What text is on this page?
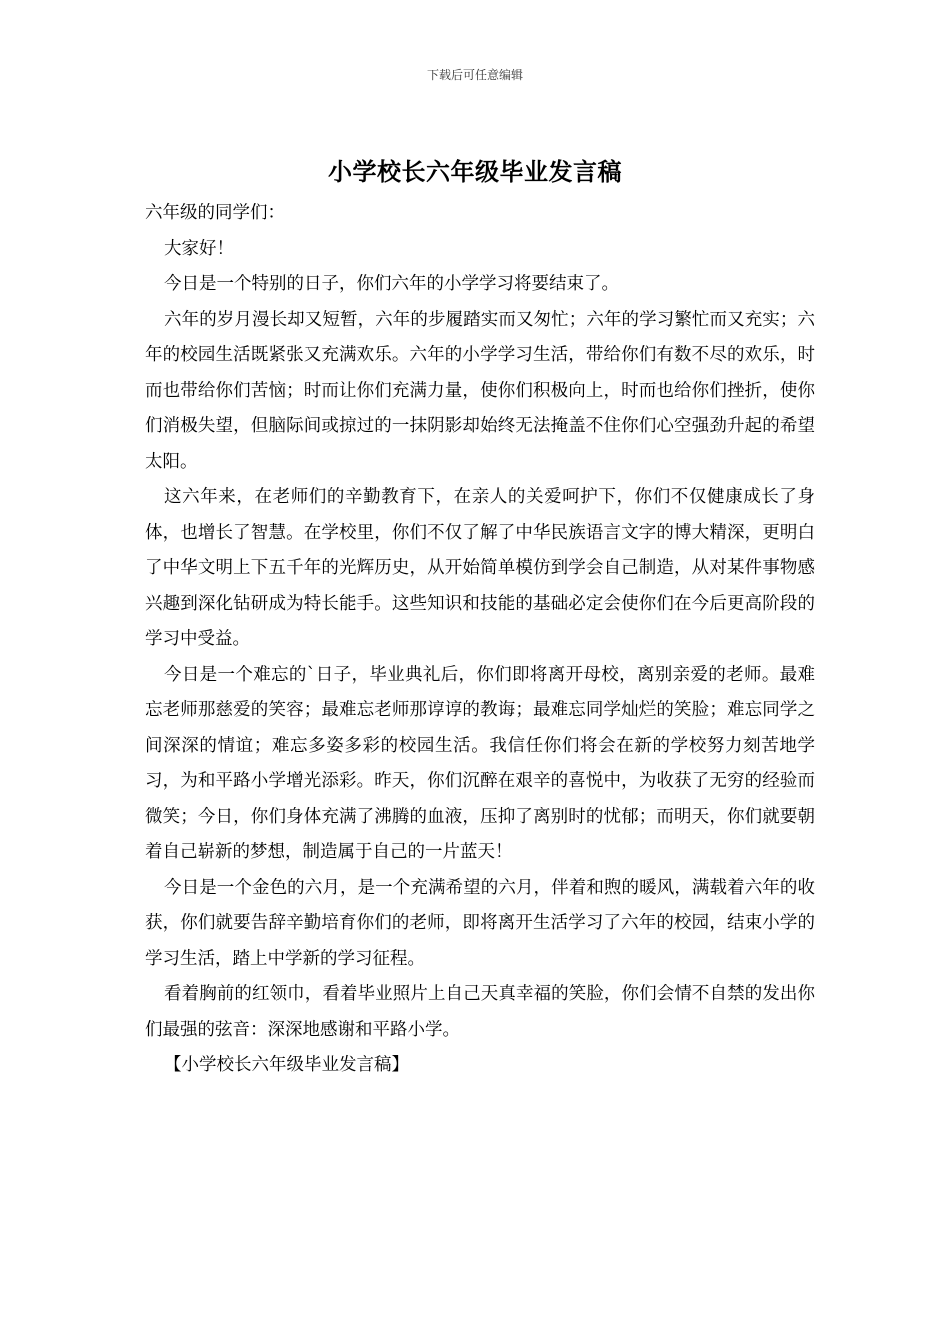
下载后可任意编辑
小学校长六年级毕业发言稿

六年级的同学们：

大家好！

今日是一个特别的日子，你们六年的小学学习将要结束了。

六年的岁月漫长却又短暂，六年的步履踏实而又匆忙；六年的学习繁忙而又充实；六年的校园生活既紧张又充满欢乐。六年的小学学习生活，带给你们有数不尽的欢乐，时而也带给你们苦恼；时而让你们充满力量，使你们积极向上，时而也给你们挫折，使你们消极失望，但脑际间或掠过的一抹阴影却始终无法掩盖不住你们心空强劲升起的希望太阳。

这六年来，在老师们的辛勤教育下，在亲人的关爱呵护下，你们不仅健康成长了身体，也增长了智慧。在学校里，你们不仅了解了中华民族语言文字的博大精深，更明白了中华文明上下五千年的光辉历史，从开始简单模仿到学会自己制造，从对某件事物感兴趣到深化钻研成为特长能手。这些知识和技能的基础必定会使你们在今后更高阶段的学习中受益。

今日是一个难忘的`日子，毕业典礼后，你们即将离开母校，离别亲爱的老师。最难忘老师那慈爱的笑容；最难忘老师那谆谆的教诲；最难忘同学灿烂的笑脸；难忘同学之间深深的情谊；难忘多姿多彩的校园生活。我信任你们将会在新的学校努力刻苦地学习，为和平路小学增光添彩。昨天，你们沉醉在艰辛的喜悦中，为收获了无穷的经验而微笑；今日，你们身体充满了沸腾的血液，压抑了离别时的忧郁；而明天，你们就要朝着自己崭新的梦想，制造属于自己的一片蓝天！

今日是一个金色的六月，是一个充满希望的六月，伴着和煦的暖风，满载着六年的收获，你们就要告辞辛勤培育你们的老师，即将离开生活学习了六年的校园，结束小学的学习生活，踏上中学新的学习征程。

看着胸前的红领巾，看着毕业照片上自己天真幸福的笑脸，你们会情不自禁的发出你们最强的弦音：深深地感谢和平路小学。

【小学校长六年级毕业发言稿】
